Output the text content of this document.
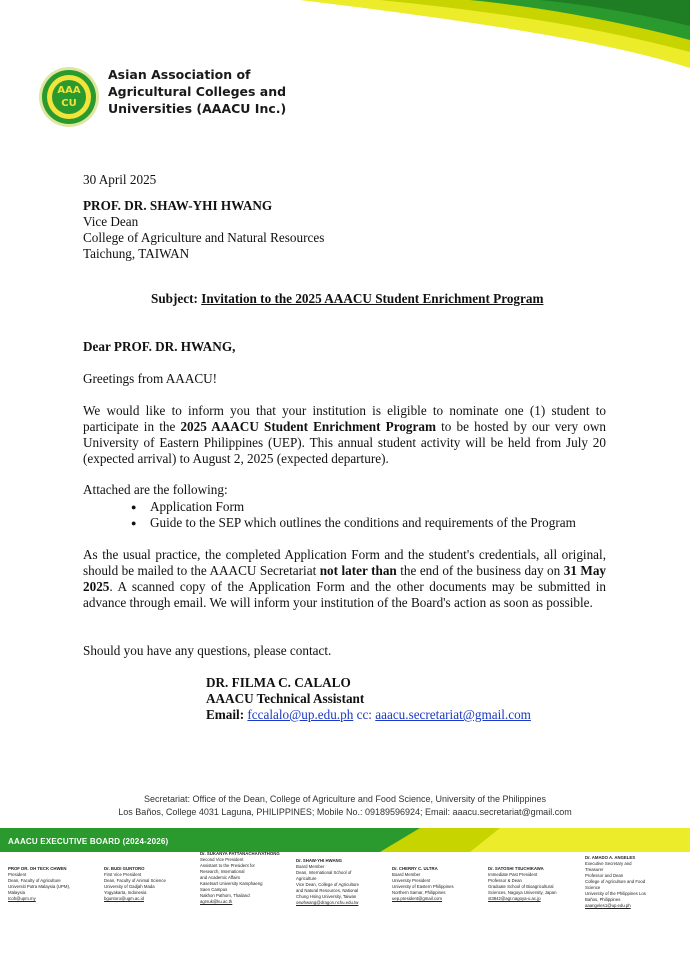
AAA
CU
Asian Association of
Agricultural Colleges and
Universities (AAACU Inc.)
30 April 2025
PROF. DR. SHAW-YHI HWANG
Vice Dean
College of Agriculture and Natural Resources
Taichung, TAIWAN
Subject: Invitation to the 2025 AAACU Student Enrichment Program
Dear PROF. DR. HWANG,
Greetings from AAACU!
We would like to inform you that your institution is eligible to nominate one (1) student to participate in the 2025 AAACU Student Enrichment Program to be hosted by our very own University of Eastern Philippines (UEP). This annual student activity will be held from July 20 (expected arrival) to August 2, 2025 (expected departure).
Attached are the following:
● Application Form
● Guide to the SEP which outlines the conditions and requirements of the Program
As the usual practice, the completed Application Form and the student's credentials, all original, should be mailed to the AAACU Secretariat not later than the end of the business day on 31 May 2025. A scanned copy of the Application Form and the other documents may be submitted in advance through email. We will inform your institution of the Board's action as soon as possible.
Should you have any questions, please contact.
DR. FILMA C. CALALO
AAACU Technical Assistant
Email: fccalalo@up.edu.ph cc: aaacu.secretariat@gmail.com
Secretariat: Office of the Dean, College of Agriculture and Food Science, University of the Philippines
Los Baños, College 4031 Laguna, PHILIPPINES; Mobile No.: 09189596924; Email: aaacu.secretariat@gmail.com
AAACU EXECUTIVE BOARD (2024-2026)
PROF DR. OH TECK CHWEN
President
Dean, Faculty of Agriculture
Universiti Putra Malaysia (UPM),
Malaysia
tcoh@upm.my
Dr. BUDI GUNTORO
First Vice President
Dean, Faculty of Animal Science
University of Gadjah Mada
Yogyakarta, Indonesia
bguntoro@ugm.ac.id
Dr. SUKANYA PATTANACHAIYATHONG
Second Vice President
Assistant to the President for
Research, International
and Academic Affairs
Kasetsart University Kamphaeng
Saen Campus
Nakhon Pathom, Thailand
agrsuk@ku.ac.th
Dr. SHAW-YHI HWANG
Board Member
Dean, International School of
Agriculture
Vice Dean, College of Agriculture
and Natural Resources, National
Chung Hsing University, Taiwan
oswhwang@dragon.nchu.edu.tw
Dr. CHERRY C. ULTRA
Board Member
University President
University of Eastern Philippines
Northern Samar, Philippines
uep.president@gmail.com
Dr. SATOSHI TSUCHIKAWA
Immediate Past President
Professor & Dean
Graduate School of Bioagricultural
Sciences, Nagoya University, Japan
st3842@agr.nagoya-u.ac.jp
Dr. AMADO A. ANGELES
Executive Secretary and
Treasurer
Professor and Dean
College of Agriculture and Food
Science
University of the Philippines Los
Baños, Philippines
aaangeles1@up.edu.ph
